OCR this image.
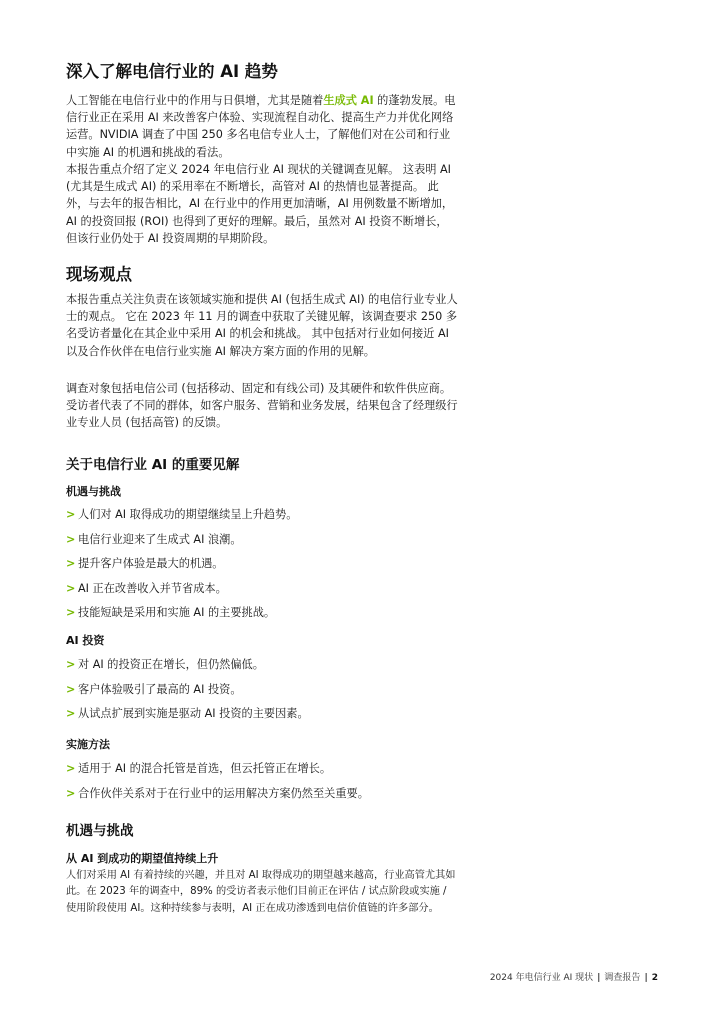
深入了解电信行业的 AI 趋势

人工智能在电信行业中的作用与日俱增，尤其是随着生成式 AI 的蓬勃发展。电信行业正在采用 AI 来改善客户体验、实现流程自动化、提高生产力并优化网络运营。NVIDIA 调查了中国 250 多名电信专业人士，了解他们对在公司和行业中实施 AI 的机遇和挑战的看法。

本报告重点介绍了定义 2024 年电信行业 AI 现状的关键调查见解。 这表明 AI (尤其是生成式 AI) 的采用率在不断增长，高管对 AI 的热情也显著提高。 此外，与去年的报告相比，AI 在行业中的作用更加清晰，AI 用例数量不断增加，AI 的投资回报 (ROI) 也得到了更好的理解。最后，虽然对 AI 投资不断增长，但该行业仍处于 AI 投资周期的早期阶段。

现场观点

本报告重点关注负责在该领域实施和提供 AI (包括生成式 AI) 的电信行业专业人士的观点。 它在 2023 年 11 月的调查中获取了关键见解，该调查要求 250 多名受访者量化在其企业中采用 AI 的机会和挑战。 其中包括对行业如何接近 AI 以及合作伙伴在电信行业实施 AI 解决方案方面的作用的见解。

调查对象包括电信公司 (包括移动、固定和有线公司) 及其硬件和软件供应商。受访者代表了不同的群体，如客户服务、营销和业务发展，结果包含了经理级行业专业人员 (包括高管) 的反馈。

关于电信行业 AI 的重要见解
机遇与挑战
> 人们对 AI 取得成功的期望继续呈上升趋势。
> 电信行业迎来了生成式 AI 浪潮。
> 提升客户体验是最大的机遇。
> AI 正在改善收入并节省成本。
> 技能短缺是采用和实施 AI 的主要挑战。
AI 投资
> 对 AI 的投资正在增长，但仍然偏低。
> 客户体验吸引了最高的 AI 投资。
> 从试点扩展到实施是驱动 AI 投资的主要因素。
实施方法
> 适用于 AI 的混合托管是首选，但云托管正在增长。
> 合作伙伴关系对于在行业中的运用解决方案仍然至关重要。
机遇与挑战
从 AI 到成功的期望值持续上升

人们对采用 AI 有着持续的兴趣，并且对 AI 取得成功的期望越来越高，行业高管尤其如此。在 2023 年的调查中，89% 的受访者表示他们目前正在评估 / 试点阶段或实施 / 使用阶段使用 AI。这种持续参与表明，AI 正在成功渗透到电信价值链的许多部分。

2024 年电信行业 AI 现状 | 调查报告 | 2
